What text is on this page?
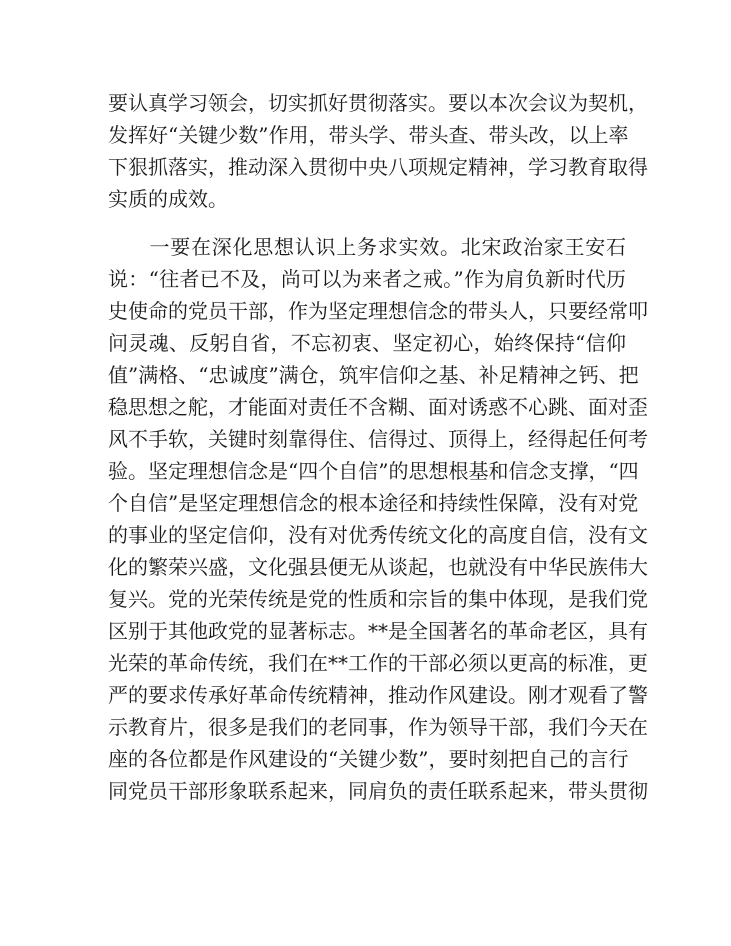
要认真学习领会，切实抓好贯彻落实。要以本次会议为契机，
发挥好“关键少数”作用，带头学、带头查、带头改，以上率
下狠抓落实，推动深入贯彻中央八项规定精神，学习教育取得
实质的成效。
　　一要在深化思想认识上务求实效。北宋政治家王安石
说：“往者已不及，尚可以为来者之戒。”作为肩负新时代历
史使命的党员干部，作为坚定理想信念的带头人，只要经常叩
问灵魂、反躬自省，不忘初衷、坚定初心，始终保持“信仰
值”满格、“忠诚度”满仓，筑牢信仰之基、补足精神之钙、把
稳思想之舵，才能面对责任不含糊、面对诱惑不心跳、面对歪
风不手软，关键时刻靠得住、信得过、顶得上，经得起任何考
验。坚定理想信念是“四个自信”的思想根基和信念支撑，“四
个自信”是坚定理想信念的根本途径和持续性保障，没有对党
的事业的坚定信仰，没有对优秀传统文化的高度自信，没有文
化的繁荣兴盛，文化强县便无从谈起，也就没有中华民族伟大
复兴。党的光荣传统是党的性质和宗旨的集中体现，是我们党
区别于其他政党的显著标志。**是全国著名的革命老区，具有
光荣的革命传统，我们在**工作的干部必须以更高的标准，更
严的要求传承好革命传统精神，推动作风建设。刚才观看了警
示教育片，很多是我们的老同事，作为领导干部，我们今天在
座的各位都是作风建设的“关键少数”，要时刻把自己的言行
同党员干部形象联系起来，同肩负的责任联系起来，带头贯彻
